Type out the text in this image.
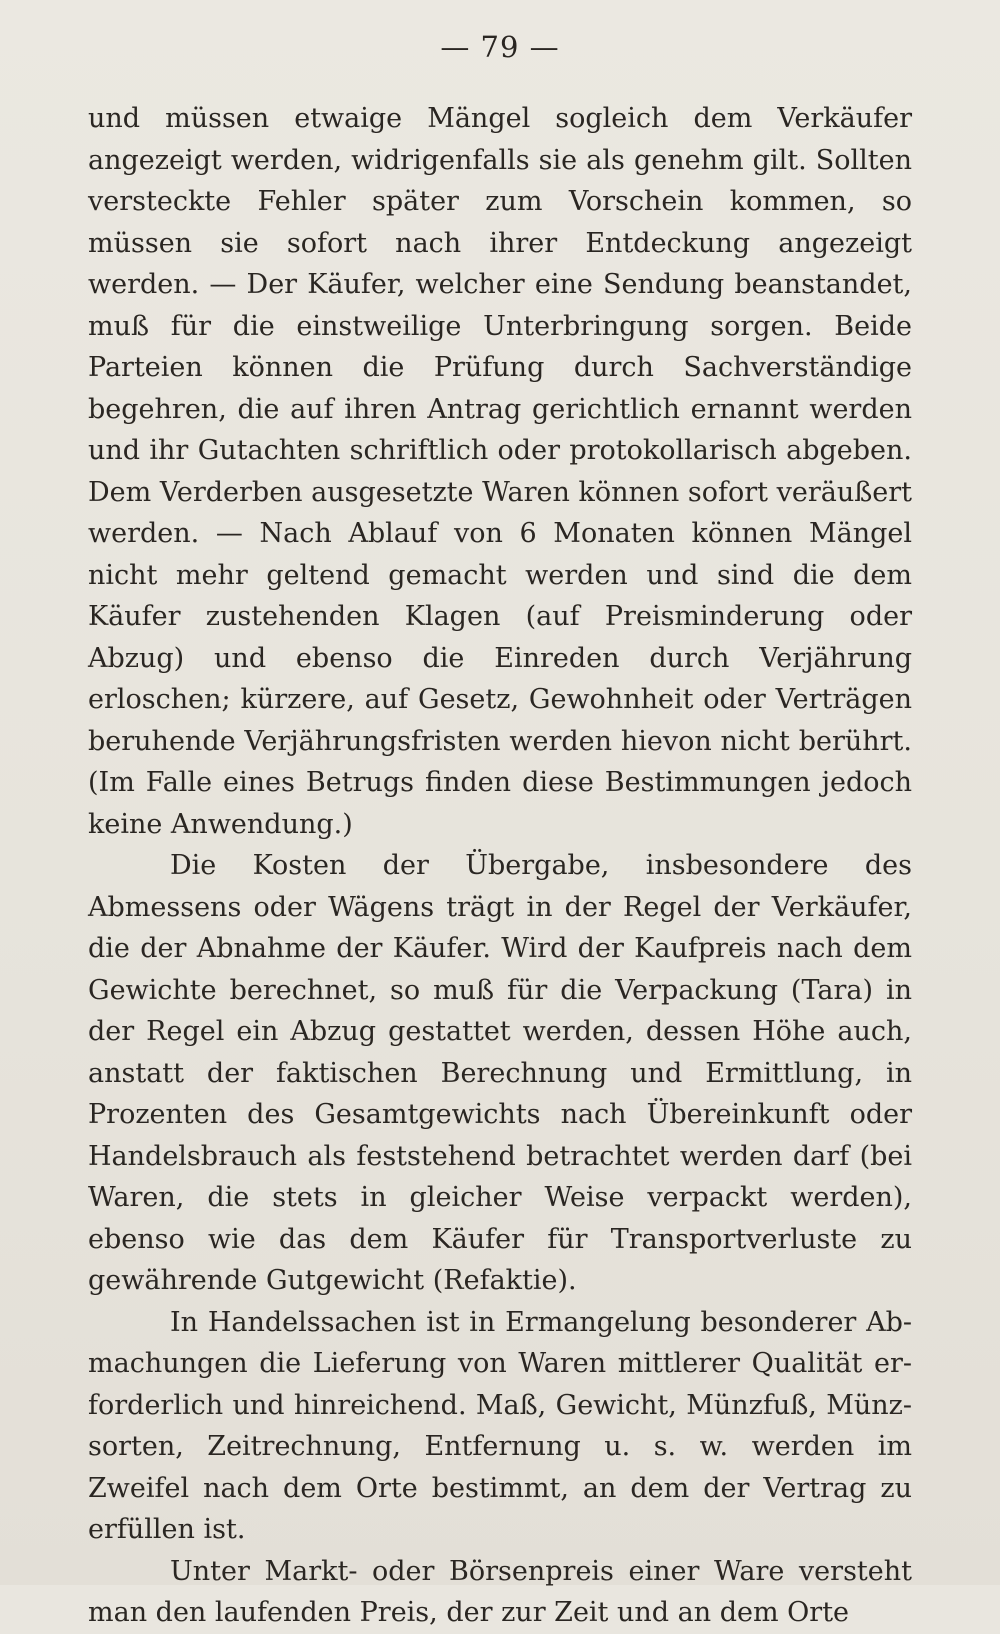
— 79 —

und müssen etwaige Mängel sogleich dem Verkäufer angezeigt werden, widrigenfalls sie als genehm gilt. Sollten versteckte Fehler später zum Vorschein kommen, so müssen sie sofort nach ihrer Entdeckung angezeigt werden. — Der Käufer, welcher eine Sendung beanstandet, muß für die einstweilige Unterbringung sorgen. Beide Parteien können die Prüfung durch Sachverständige begehren, die auf ihren Antrag gerichtlich ernannt werden und ihr Gutachten schriftlich oder protokollarisch abgeben. Dem Verderben ausgesetzte Waren können sofort veräußert werden. — Nach Ablauf von 6 Monaten können Mängel nicht mehr geltend gemacht werden und sind die dem Käufer zustehenden Klagen (auf Preisminderung oder Abzug) und ebenso die Einreden durch Verjährung erloschen; kürzere, auf Gesetz, Gewohnheit oder Verträgen beruhende Verjährungsfristen werden hievon nicht berührt. (Im Falle eines Betrugs finden diese Bestimmungen jedoch keine Anwendung.)

Die Kosten der Übergabe, insbesondere des Abmessens oder Wägens trägt in der Regel der Verkäufer, die der Abnahme der Käufer. Wird der Kaufpreis nach dem Gewichte berechnet, so muß für die Verpackung (Tara) in der Regel ein Abzug gestattet werden, dessen Höhe auch, anstatt der faktischen Berechnung und Ermittlung, in Prozenten des Gesamtgewichts nach Übereinkunft oder Handelsbrauch als feststehend betrachtet werden darf (bei Waren, die stets in gleicher Weise verpackt werden), ebenso wie das dem Käufer für Transportverluste zu gewährende Gutgewicht (Refaktie).

In Handelssachen ist in Ermangelung besonderer Abmachungen die Lieferung von Waren mittlerer Qualität erforderlich und hinreichend. Maß, Gewicht, Münzfuß, Münzsorten, Zeitrechnung, Entfernung u. s. w. werden im Zweifel nach dem Orte bestimmt, an dem der Vertrag zu erfüllen ist.

Unter Markt- oder Börsenpreis einer Ware versteht man den laufenden Preis, der zur Zeit und an dem Orte
